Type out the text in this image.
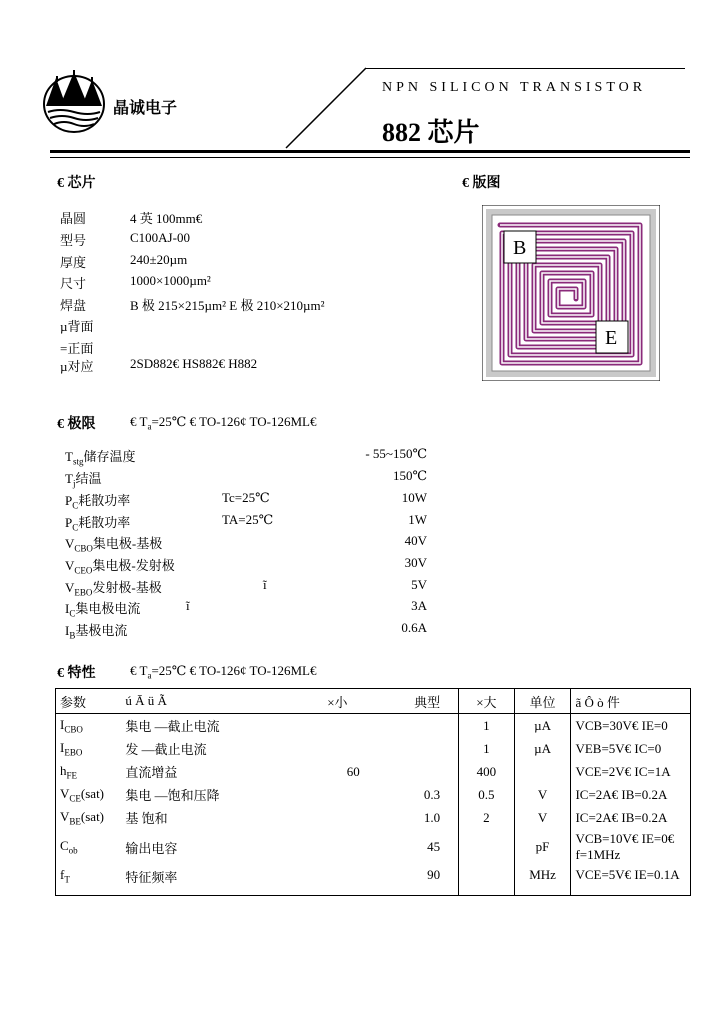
晶诚电子
NPN SILICON TRANSISTOR
882 芯片
€ 芯片	€ 版图
晶圆	4 英 100mm€
型号	C100AJ-00
厚度	240±20µm
尺寸	1000×1000µm²
焊盘	B 极 215×215µm² E 极 210×210µm²
µ背面
=正面
µ对应	2SD882€ HS882€ H882
B
E
€ 极限	€ $T_a=25℃$ € TO-126¢ TO-126ML€
$T_{stg}$储存温度	- 55~150℃
$T_j$结温	150℃
$P_C$耗散功率	Tc=25℃	10W
$P_C$耗散功率	TA=25℃	1W
$V_{CBO}$集电极-基极	40V
$V_{CEO}$集电极-发射极	30V
$V_{EBO}$发射极-基极	ĩ	5V
$I_C$集电极电流	ĩ	3A
$I_B$基极电流	0.6A
€ 特性	€ $T_a=25℃$ € TO-126¢ TO-126ML€
参数	ú Ā ü Ã	×小	典型	×大	单位	ã Ô ò 件
$I_{CBO}$	集电 —截止电流			1	µA	VCB=30V€ IE=0
$I_{EBO}$	发 —截止电流			1	µA	VEB=5V€ IC=0
$h_{FE}$	直流增益	60		400		VCE=2V€ IC=1A
$V_{CE}(sat)$	集电 —饱和压降		0.3	0.5	V	IC=2A€ IB=0.2A
$V_{BE}(sat)$	基 饱和		1.0	2	V	IC=2A€ IB=0.2A
$C_{ob}$	输出电容		45		pF	VCB=10V€ IE=0€ f=1MHz
$f_T$	特征频率		90		MHz	VCE=5V€ IE=0.1A
